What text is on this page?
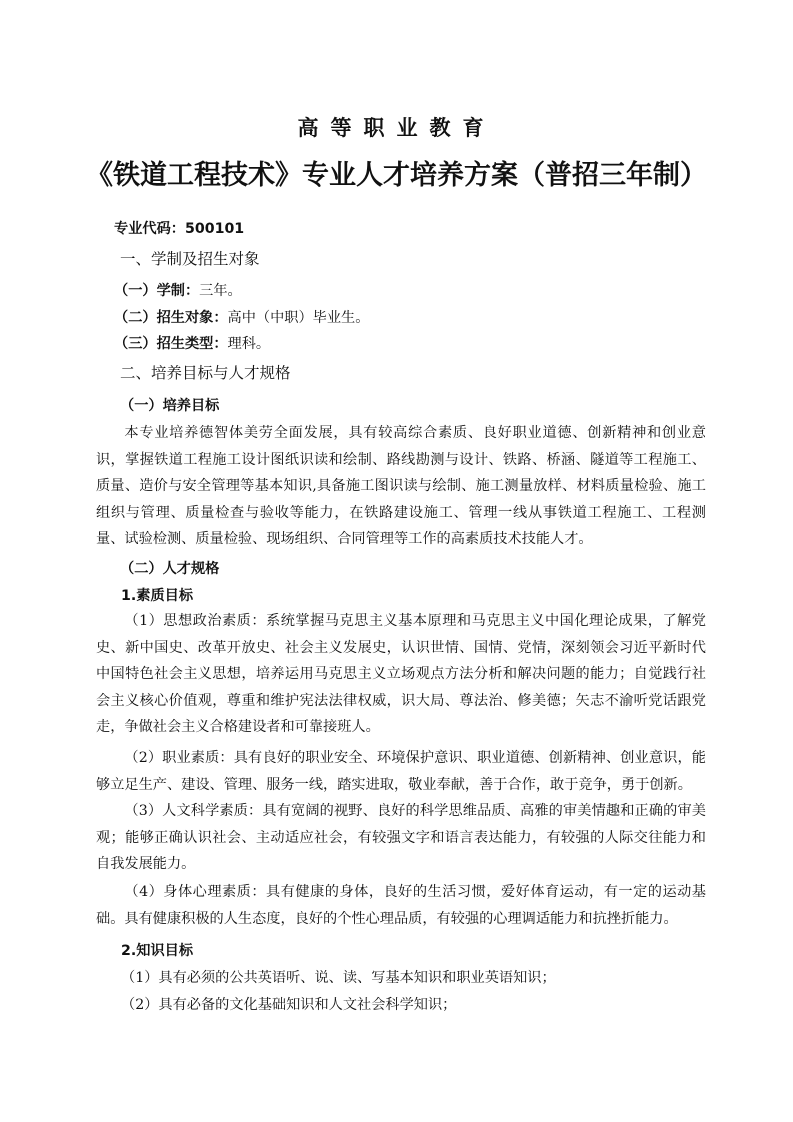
高等职业教育
《铁道工程技术》专业人才培养方案（普招三年制）
专业代码：500101
一、学制及招生对象
（一）学制：三年。
（二）招生对象：高中（中职）毕业生。
（三）招生类型：理科。
二、培养目标与人才规格
（一）培养目标
本专业培养德智体美劳全面发展，具有较高综合素质、良好职业道德、创新精神和创业意识，掌握铁道工程施工设计图纸识读和绘制、路线勘测与设计、铁路、桥涵、隧道等工程施工、质量、造价与安全管理等基本知识,具备施工图识读与绘制、施工测量放样、材料质量检验、施工组织与管理、质量检查与验收等能力，在铁路建设施工、管理一线从事铁道工程施工、工程测量、试验检测、质量检验、现场组织、合同管理等工作的高素质技术技能人才。
（二）人才规格
1.素质目标
（1）思想政治素质：系统掌握马克思主义基本原理和马克思主义中国化理论成果，了解党史、新中国史、改革开放史、社会主义发展史，认识世情、国情、党情，深刻领会习近平新时代中国特色社会主义思想，培养运用马克思主义立场观点方法分析和解决问题的能力；自觉践行社会主义核心价值观，尊重和维护宪法法律权威，识大局、尊法治、修美德；矢志不渝听党话跟党走，争做社会主义合格建设者和可靠接班人。
（2）职业素质：具有良好的职业安全、环境保护意识、职业道德、创新精神、创业意识，能够立足生产、建设、管理、服务一线，踏实进取，敬业奉献，善于合作，敢于竞争，勇于创新。
（3）人文科学素质：具有宽阔的视野、良好的科学思维品质、高雅的审美情趣和正确的审美观；能够正确认识社会、主动适应社会，有较强文字和语言表达能力，有较强的人际交往能力和自我发展能力。
（4）身体心理素质：具有健康的身体，良好的生活习惯，爱好体育运动，有一定的运动基础。具有健康积极的人生态度，良好的个性心理品质，有较强的心理调适能力和抗挫折能力。
2.知识目标
（1）具有必须的公共英语听、说、读、写基本知识和职业英语知识；
（2）具有必备的文化基础知识和人文社会科学知识；
